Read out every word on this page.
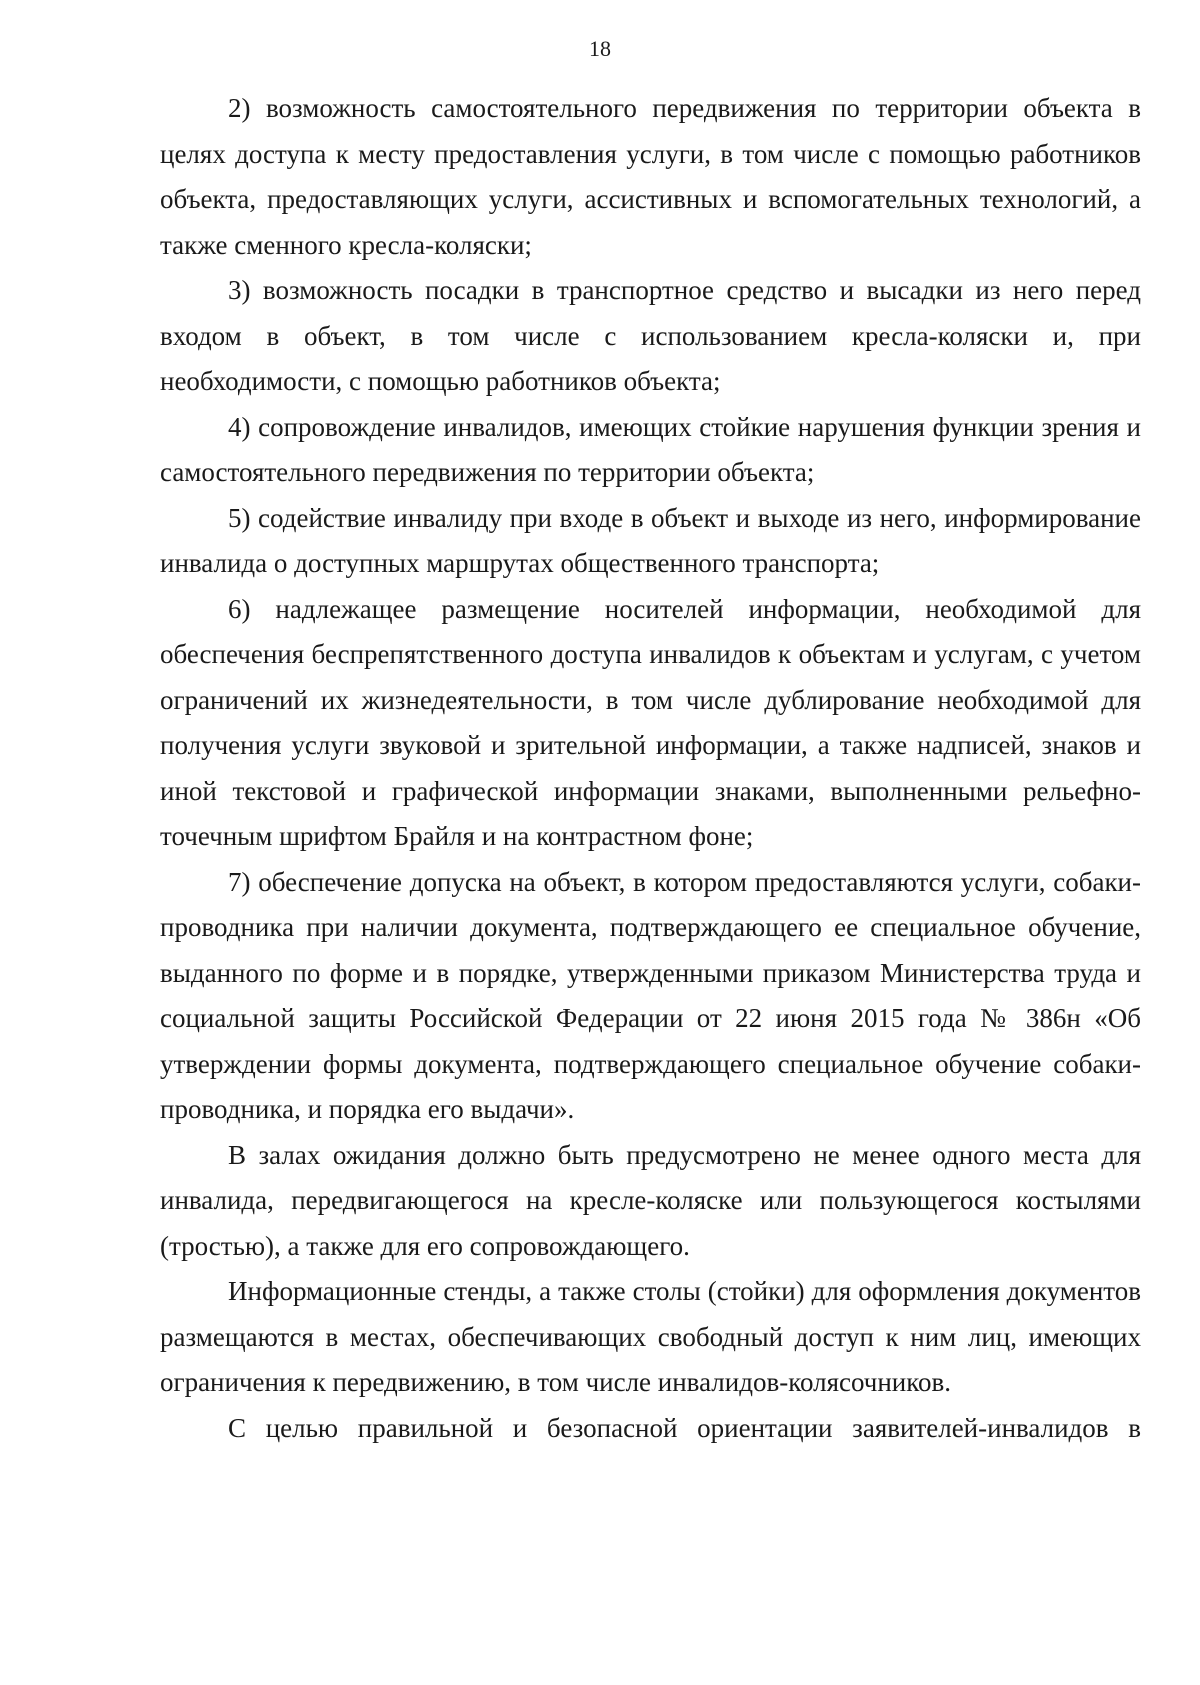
18

2) возможность самостоятельного передвижения по территории объекта в целях доступа к месту предоставления услуги, в том числе с помощью работников объекта, предоставляющих услуги, ассистивных и вспомогательных технологий, а также сменного кресла-коляски;

3) возможность посадки в транспортное средство и высадки из него перед входом в объект, в том числе с использованием кресла-коляски и, при необходимости, с помощью работников объекта;

4) сопровождение инвалидов, имеющих стойкие нарушения функции зрения и самостоятельного передвижения по территории объекта;

5) содействие инвалиду при входе в объект и выходе из него, информирование инвалида о доступных маршрутах общественного транспорта;

6) надлежащее размещение носителей информации, необходимой для обеспечения беспрепятственного доступа инвалидов к объектам и услугам, с учетом ограничений их жизнедеятельности, в том числе дублирование необходимой для получения услуги звуковой и зрительной информации, а также надписей, знаков и иной текстовой и графической информации знаками, выполненными рельефно-точечным шрифтом Брайля и на контрастном фоне;

7) обеспечение допуска на объект, в котором предоставляются услуги, собаки-проводника при наличии документа, подтверждающего ее специальное обучение, выданного по форме и в порядке, утвержденными приказом Министерства труда и социальной защиты Российской Федерации от 22 июня 2015 года № 386н «Об утверждении формы документа, подтверждающего специальное обучение собаки-проводника, и порядка его выдачи».

В залах ожидания должно быть предусмотрено не менее одного места для инвалида, передвигающегося на кресле-коляске или пользующегося костылями (тростью), а также для его сопровождающего.

Информационные стенды, а также столы (стойки) для оформления документов размещаются в местах, обеспечивающих свободный доступ к ним лиц, имеющих ограничения к передвижению, в том числе инвалидов-колясочников.

С целью правильной и безопасной ориентации заявителей-инвалидов в
